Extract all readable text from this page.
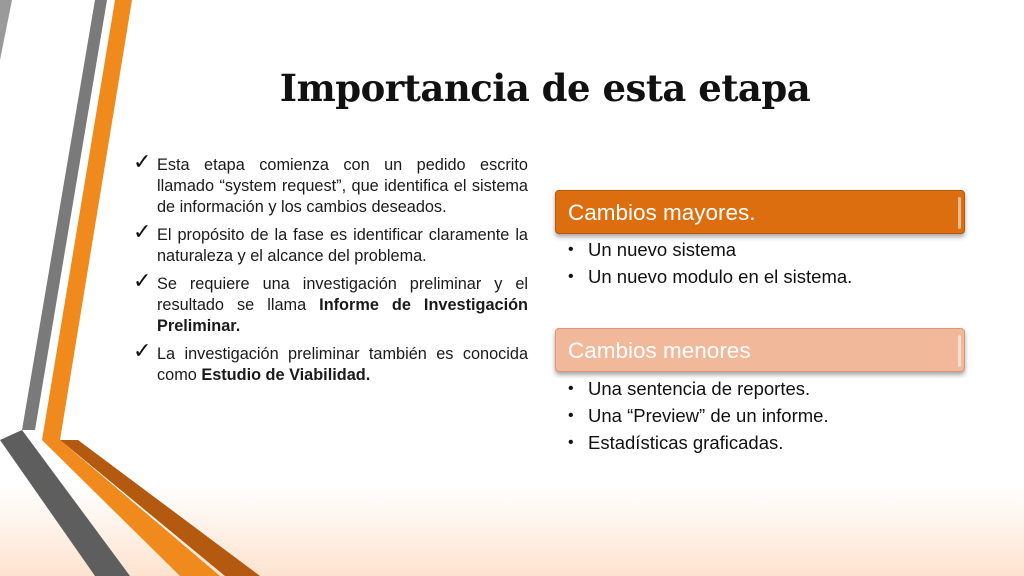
Importancia de esta etapa
✓ Esta etapa comienza con un pedido escrito llamado “system request”, que identifica el sistema de información y los cambios deseados.
✓ El propósito de la fase es identificar claramente la naturaleza y el alcance del problema.
✓ Se requiere una investigación preliminar y el resultado se llama Informe de Investigación Preliminar.
✓ La investigación preliminar también es conocida como Estudio de Viabilidad.
Cambios mayores.
• Un nuevo sistema
• Un nuevo modulo en el sistema.
Cambios menores
• Una sentencia de reportes.
• Una “Preview” de un informe.
• Estadísticas graficadas.
